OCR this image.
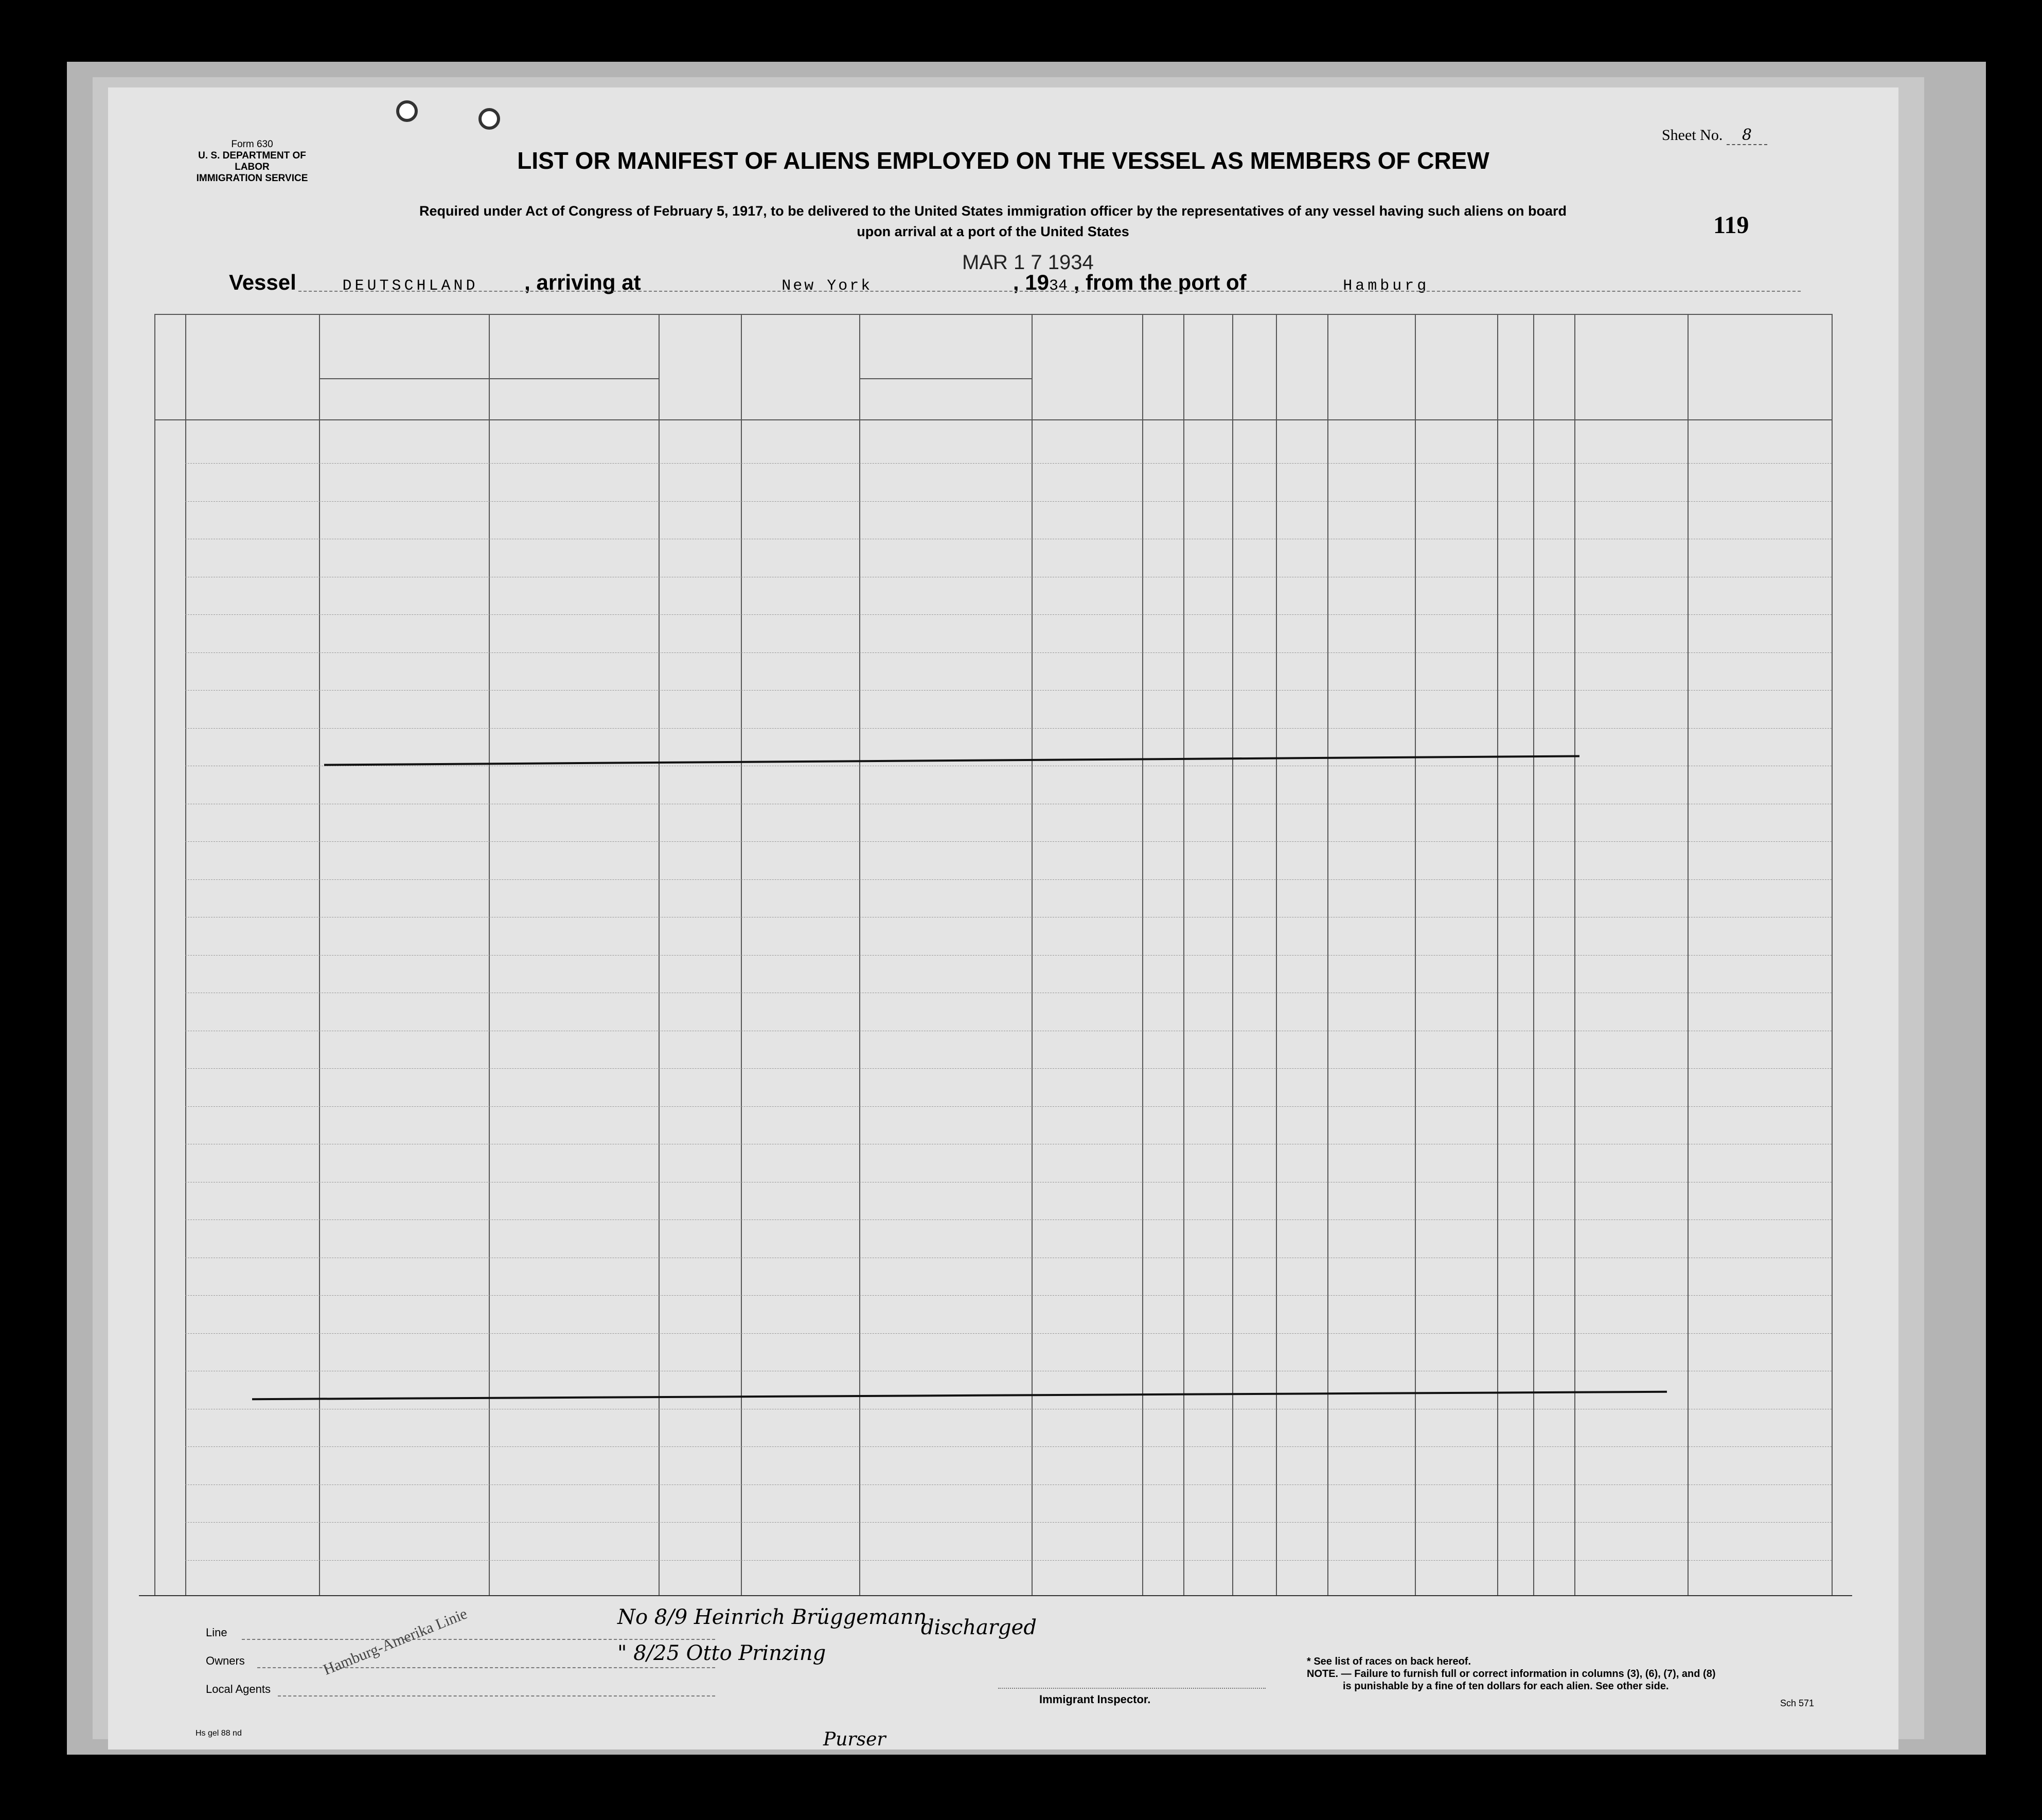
Form 630
U. S. DEPARTMENT OF LABOR
IMMIGRATION SERVICE
Sheet No. 8
LIST OR MANIFEST OF ALIENS EMPLOYED ON THE VESSEL AS MEMBERS OF CREW
Required under Act of Congress of February 5, 1917, to be delivered to the United States immigration officer by the representatives of any vessel having such aliens on board
upon arrival at a port of the United States	119
MAR 1 7 1934
Vessel	DEUTSCHLAND , arriving at	New York	, 1934 , from the port of	Hamburg
Line
Owners
Local Agents
Hamburg-Amerika Linie	No 8/9 Heinrich Brüggemann
" 8/25 Otto Prinzing
discharged
Purser
Immigrant Inspector.
* See list of races on back hereof.
NOTE. — Failure to furnish full or correct information in columns (3), (6), (7), and (8)
is punishable by a fine of ten dollars for each alien. See other side.
Hs gel 88 nd
Sch 571
